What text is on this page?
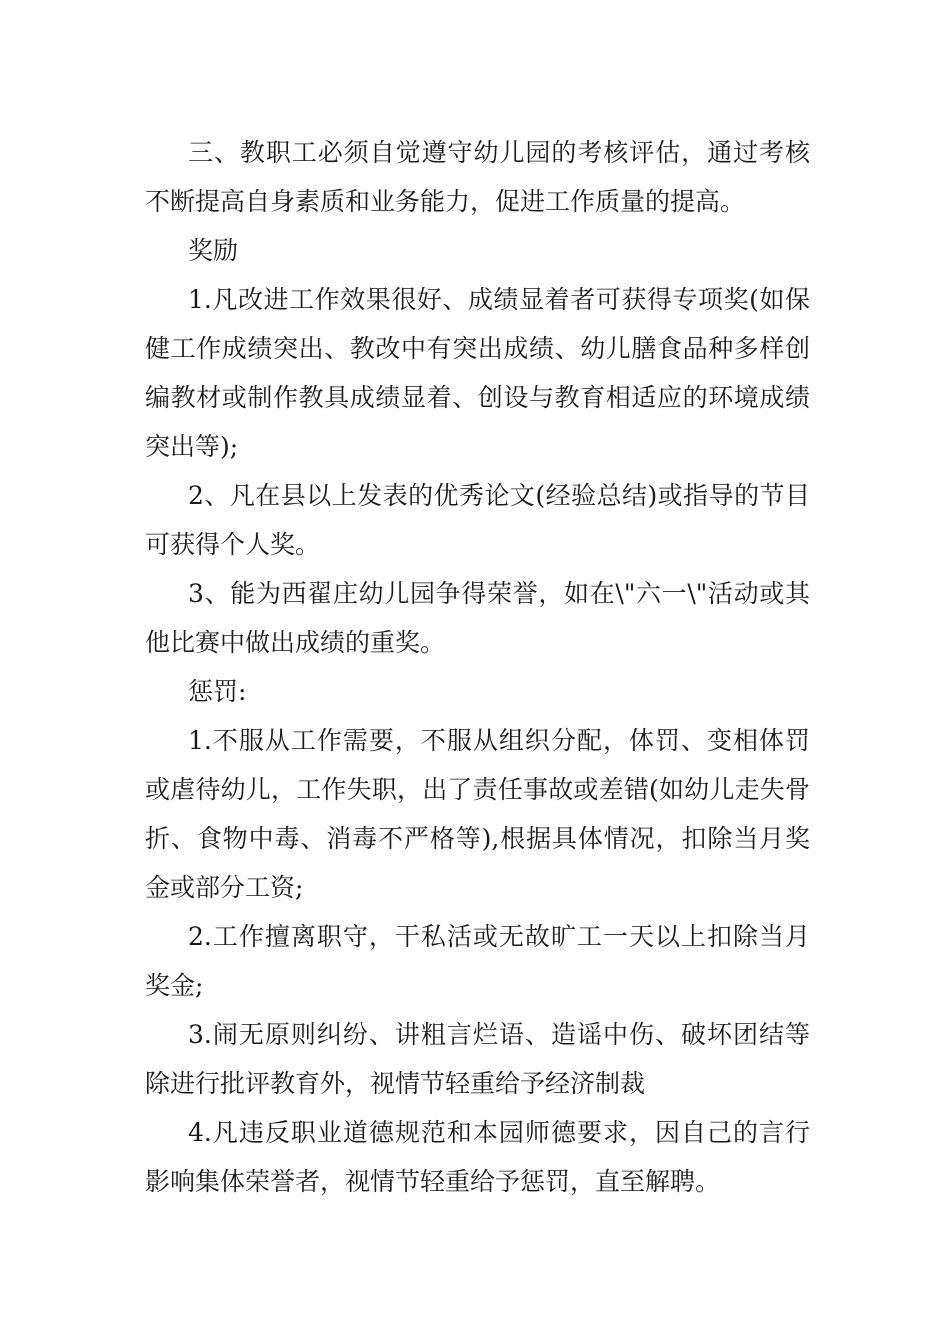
三、教职工必须自觉遵守幼儿园的考核评估，通过考核不断提高自身素质和业务能力，促进工作质量的提高。

奖励

1.凡改进工作效果很好、成绩显着者可获得专项奖(如保健工作成绩突出、教改中有突出成绩、幼儿膳食品种多样创编教材或制作教具成绩显着、创设与教育相适应的环境成绩突出等);

2、凡在县以上发表的优秀论文(经验总结)或指导的节目可获得个人奖。

3、能为西翟庄幼儿园争得荣誉，如在\"六一\"活动或其他比赛中做出成绩的重奖。

惩罚:

1.不服从工作需要，不服从组织分配，体罚、变相体罚或虐待幼儿，工作失职，出了责任事故或差错(如幼儿走失骨折、食物中毒、消毒不严格等),根据具体情况，扣除当月奖金或部分工资;

2.工作擅离职守，干私活或无故旷工一天以上扣除当月奖金;

3.闹无原则纠纷、讲粗言烂语、造谣中伤、破坏团结等除进行批评教育外，视情节轻重给予经济制裁

4.凡违反职业道德规范和本园师德要求，因自己的言行影响集体荣誉者，视情节轻重给予惩罚，直至解聘。
